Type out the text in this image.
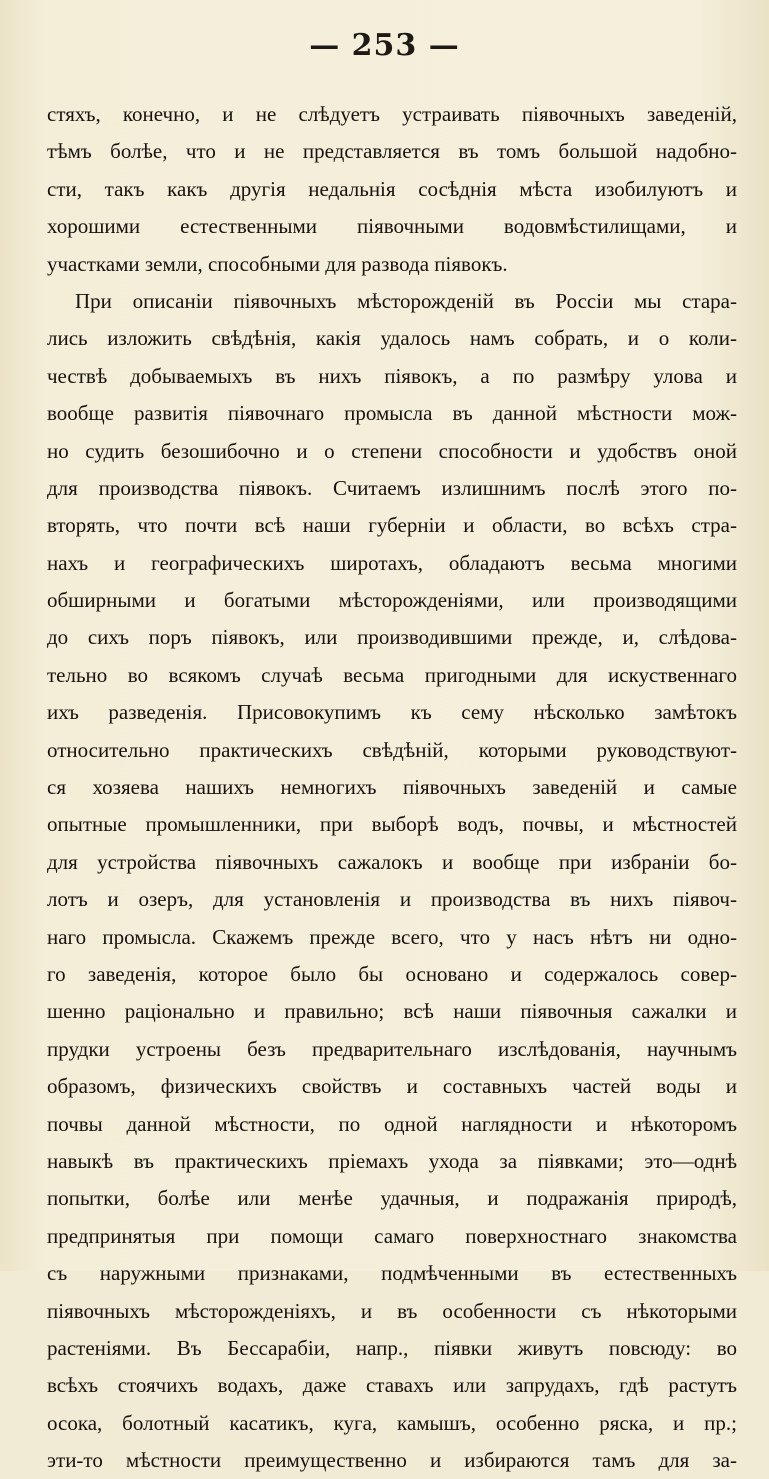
— 253 —
стяхъ, конечно, и не слѣдуетъ устраивать піявочныхъ заведеній,
тѣмъ болѣе, что и не представляется въ томъ большой надобно-
сти, такъ какъ другія недальнія сосѣднія мѣста изобилуютъ и
хорошими естественными піявочными водовмѣстилищами, и
участками земли, способными для развода піявокъ.
При описаніи піявочныхъ мѣсторожденій въ Россіи мы стара-
лись изложить свѣдѣнія, какія удалось намъ собрать, и о коли-
чествѣ добываемыхъ въ нихъ піявокъ, а по размѣру улова и
вообще развитія піявочнаго промысла въ данной мѣстности мож-
но судить безошибочно и о степени способности и удобствъ оной
для производства піявокъ. Считаемъ излишнимъ послѣ этого по-
вторять, что почти всѣ наши губерніи и области, во всѣхъ стра-
нахъ и географическихъ широтахъ, обладаютъ весьма многими
обширными и богатыми мѣсторожденіями, или производящими
до сихъ поръ піявокъ, или производившими прежде, и, слѣдова-
тельно во всякомъ случаѣ весьма пригодными для искуственнаго
ихъ разведенія. Присовокупимъ къ сему нѣсколько замѣтокъ
относительно практическихъ свѣдѣній, которыми руководствуют-
ся хозяева нашихъ немногихъ піявочныхъ заведеній и самые
опытные промышленники, при выборѣ водъ, почвы, и мѣстностей
для устройства піявочныхъ сажалокъ и вообще при избраніи бо-
лотъ и озеръ, для установленія и производства въ нихъ піявоч-
наго промысла. Скажемъ прежде всего, что у насъ нѣтъ ни одно-
го заведенія, которое было бы основано и содержалось совер-
шенно раціонально и правильно; всѣ наши піявочныя сажалки и
прудки устроены безъ предварительнаго изслѣдованія, научнымъ
образомъ, физическихъ свойствъ и составныхъ частей воды и
почвы данной мѣстности, по одной наглядности и нѣкоторомъ
навыкѣ въ практическихъ пріемахъ ухода за піявками; это—однѣ
попытки, болѣе или менѣе удачныя, и подражанія природѣ,
предпринятыя при помощи самаго поверхностнаго знакомства
съ наружными признаками, подмѣченными въ естественныхъ
піявочныхъ мѣсторожденіяхъ, и въ особенности съ нѣкоторыми
растеніями. Въ Бессарабіи, напр., піявки живутъ повсюду: во
всѣхъ стоячихъ водахъ, даже ставахъ или запрудахъ, гдѣ растутъ
осока, болотный касатикъ, куга, камышъ, особенно ряска, и пр.;
эти-то мѣстности преимущественно и избираются тамъ для за-
